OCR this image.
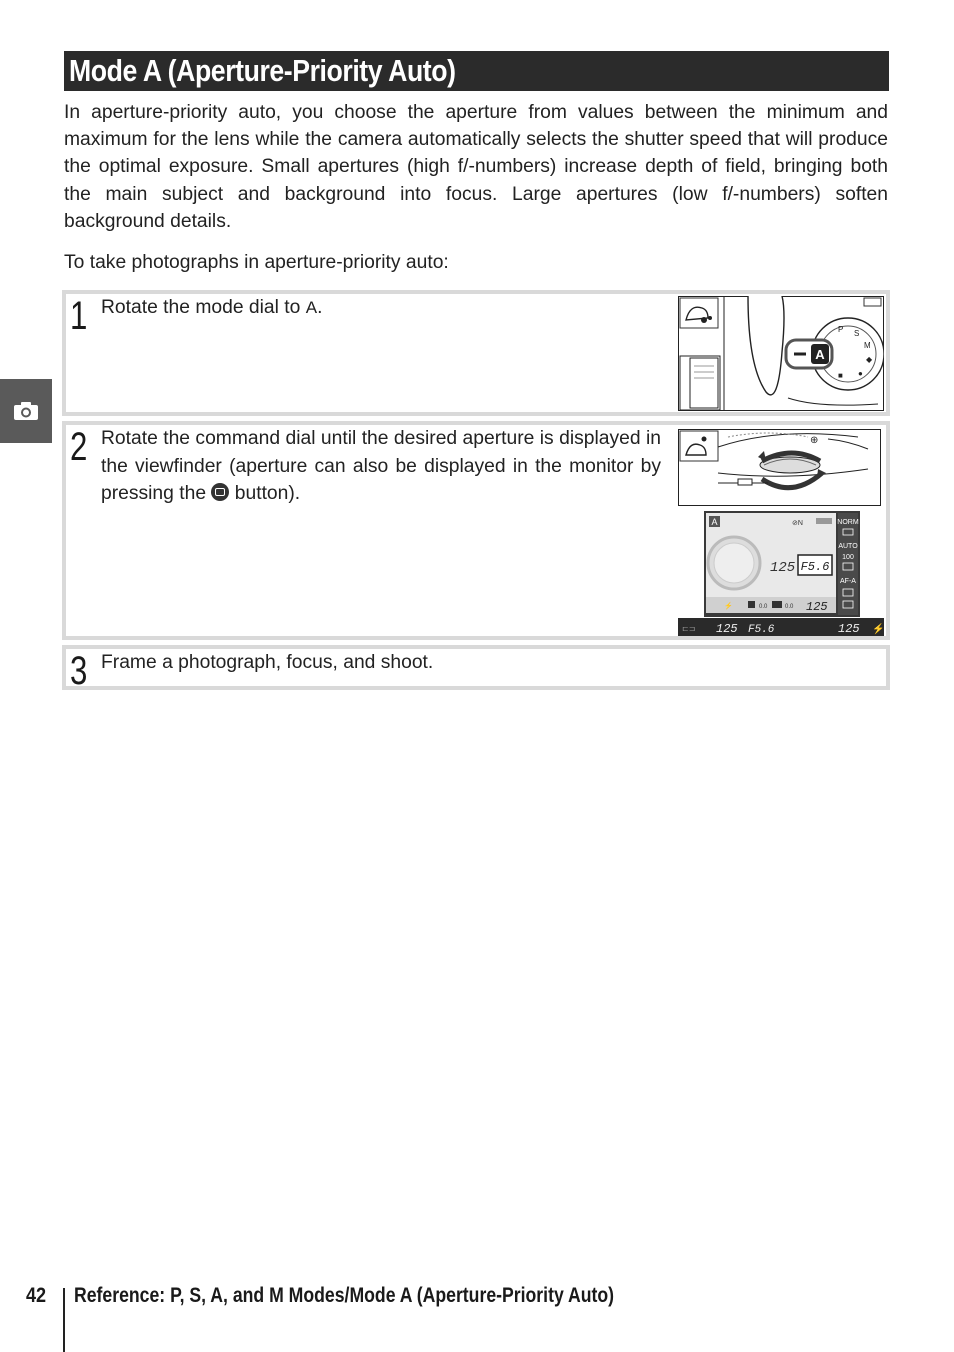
Mode A (Aperture-Priority Auto)
In aperture-priority auto, you choose the aperture from values between the minimum and maximum for the lens while the camera automatically selects the shutter speed that will produce the optimal exposure. Small apertures (high f/-numbers) increase depth of field, bringing both the main subject and background into focus. Large apertures (low f/-numbers) soften background details.
To take photographs in aperture-priority auto:
1 Rotate the mode dial to A.
P S
M
◆
●
■
A
2 Rotate the command dial until the desired aperture is displayed in the viewfinder (aperture can also be displayed in the monitor by pressing the  button).
⊕
A
125 F5.6
⊘N
⚡	0.0	0.0 125
NORM
AUTO
100
AF-A
⊏⊐ 125 F5.6	125 ⚡
3 Frame a photograph, focus, and shoot.
42 Reference: P, S, A, and M Modes/Mode A (Aperture-Priority Auto)
